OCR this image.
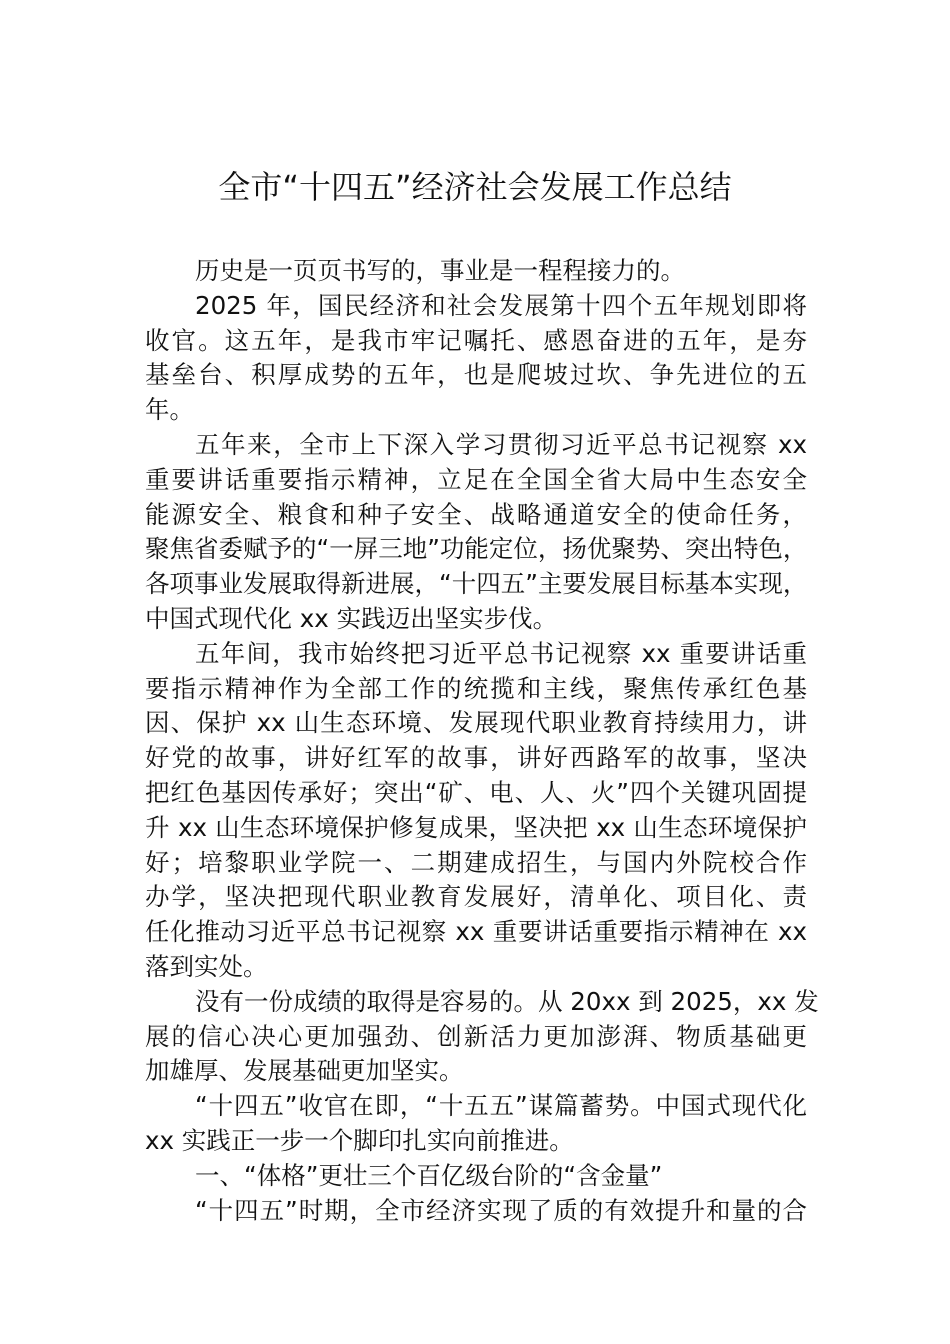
全市“十四五”经济社会发展工作总结
历史是一页页书写的，事业是一程程接力的。
2025 年，国民经济和社会发展第十四个五年规划即将
收官。这五年，是我市牢记嘱托、感恩奋进的五年，是夯
基垒台、积厚成势的五年，也是爬坡过坎、争先进位的五
年。
五年来，全市上下深入学习贯彻习近平总书记视察 xx
重要讲话重要指示精神，立足在全国全省大局中生态安全
能源安全、粮食和种子安全、战略通道安全的使命任务，
聚焦省委赋予的“一屏三地”功能定位，扬优聚势、突出特色，
各项事业发展取得新进展，“十四五”主要发展目标基本实现，
中国式现代化 xx 实践迈出坚实步伐。
五年间，我市始终把习近平总书记视察 xx 重要讲话重
要指示精神作为全部工作的统揽和主线，聚焦传承红色基
因、保护 xx 山生态环境、发展现代职业教育持续用力，讲
好党的故事，讲好红军的故事，讲好西路军的故事，坚决
把红色基因传承好；突出“矿、电、人、火”四个关键巩固提
升 xx 山生态环境保护修复成果，坚决把 xx 山生态环境保护
好；培黎职业学院一、二期建成招生，与国内外院校合作
办学，坚决把现代职业教育发展好，清单化、项目化、责
任化推动习近平总书记视察 xx 重要讲话重要指示精神在 xx
落到实处。
没有一份成绩的取得是容易的。从 20xx 到 2025，xx 发
展的信心决心更加强劲、创新活力更加澎湃、物质基础更
加雄厚、发展基础更加坚实。
“十四五”收官在即，“十五五”谋篇蓄势。中国式现代化
xx 实践正一步一个脚印扎实向前推进。
一、“体格”更壮三个百亿级台阶的“含金量”
“十四五”时期，全市经济实现了质的有效提升和量的合
